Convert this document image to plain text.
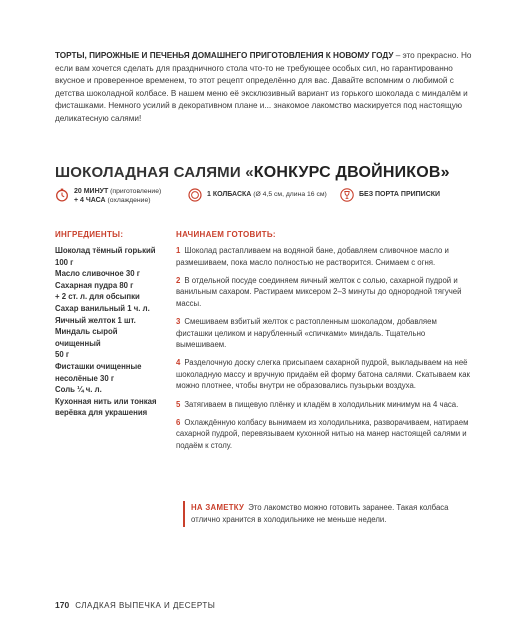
ТОРТЫ, ПИРОЖНЫЕ И ПЕЧЕНЬЯ ДОМАШНЕГО ПРИГОТОВЛЕНИЯ К НОВОМУ ГОДУ – это прекрасно. Но если вам хочется сделать для праздничного стола что-то не требующее особых сил, но гарантированно вкусное и проверенное временем, то этот рецепт определённо для вас. Давайте вспомним о любимой с детства шоколадной колбасе. В нашем меню её эксклюзивный вариант из горького шоколада с миндалём и фисташками. Немного усилий в декоративном плане и... знакомое лакомство маскируется под настоящую деликатесную салями!

ШОКОЛАДНАЯ САЛЯМИ «КОНКУРС ДВОЙНИКОВ»
20 МИНУТ (приготовление)
+ 4 ЧАСА (охлаждение)
1 КОЛБАСКА (Ø 4,5 см, длина 16 см)	БЕЗ ПОРТА ПРИПИСКИ
ИНГРЕДИЕНТЫ:
Шоколад тёмный горький
100 г
Масло сливочное 30 г
Сахарная пудра 80 г
+ 2 ст. л. для обсыпки
Сахар ванильный 1 ч. л.
Яичный желток 1 шт.
Миндаль сырой очищенный
50 г
Фисташки очищенные
несолёные 30 г
Соль ¼ ч. л.
Кухонная нить или тонкая
верёвка для украшения
НАЧИНАЕМ ГОТОВИТЬ:
1 Шоколад растапливаем на водяной бане, добавляем сливочное масло и размешиваем, пока масло полностью не растворится. Снимаем с огня.
2 В отдельной посуде соединяем яичный желток с солью, сахарной пудрой и ванильным сахаром. Растираем миксером 2–3 минуты до однородной тягучей массы.
3 Смешиваем взбитый желток с растопленным шоколадом, добавляем фисташки целиком и нарубленный «спичками» миндаль. Тщательно вымешиваем.
4 Разделочную доску слегка присыпаем сахарной пудрой, выкладываем на неё шоколадную массу и вручную придаём ей форму батона салями. Скатываем как можно плотнее, чтобы внутри не образовались пузырьки воздуха.
5 Затягиваем в пищевую плёнку и кладём в холодильник минимум на 4 часа.
6 Охлаждённую колбасу вынимаем из холодильника, разворачиваем, натираем сахарной пудрой, перевязываем кухонной нитью на манер настоящей салями и подаём к столу.
НА ЗАМЕТКУ Это лакомство можно готовить заранее. Такая колбаса отлично хранится в холодильнике не меньше недели.
170 СЛАДКАЯ ВЫПЕЧКА И ДЕСЕРТЫ
